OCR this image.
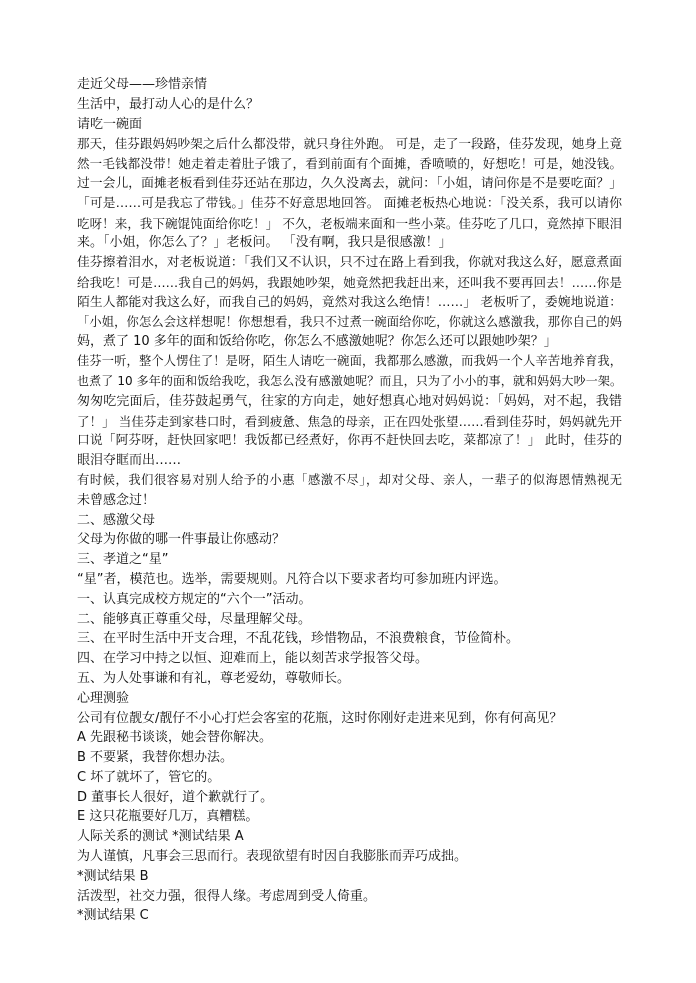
走近父母——珍惜亲情
生活中，最打动人心的是什么？
请吃一碗面
那天，佳芬跟妈妈吵架之后什么都没带，就只身往外跑。 可是，走了一段路，佳芬发现，她身上竟
然一毛钱都没带！她走着走着肚子饿了，看到前面有个面摊，香喷喷的，好想吃！可是，她没钱。
过一会儿，面摊老板看到佳芬还站在那边，久久没离去，就问：「小姐，请问你是不是要吃面？」
「可是……可是我忘了带钱。」佳芬不好意思地回答。 面摊老板热心地说：「没关系，我可以请你
吃呀！来，我下碗馄饨面给你吃！」 不久，老板端来面和一些小菜。佳芬吃了几口，竟然掉下眼泪
来。「小姐，你怎么了？」老板问。 「没有啊，我只是很感激！」
佳芬擦着泪水，对老板说道：「我们又不认识，只不过在路上看到我，你就对我这么好，愿意煮面
给我吃！可是……我自己的妈妈，我跟她吵架，她竟然把我赶出来，还叫我不要再回去！……你是
陌生人都能对我这么好，而我自己的妈妈，竟然对我这么绝情！……」 老板听了，委婉地说道：
「小姐，你怎么会这样想呢！你想想看，我只不过煮一碗面给你吃，你就这么感激我，那你自己的妈
妈，煮了 10 多年的面和饭给你吃，你怎么不感激她呢？你怎么还可以跟她吵架？」
佳芬一听，整个人愣住了！是呀，陌生人请吃一碗面，我都那么感激，而我妈一个人辛苦地养育我，
也煮了 10 多年的面和饭给我吃，我怎么没有感激她呢？而且，只为了小小的事，就和妈妈大吵一架。
匆匆吃完面后，佳芬鼓起勇气，往家的方向走，她好想真心地对妈妈说：「妈妈，对不起，我错
了！」 当佳芬走到家巷口时，看到疲惫、焦急的母亲，正在四处张望……看到佳芬时，妈妈就先开
口说「阿芬呀，赶快回家吧！我饭都已经煮好，你再不赶快回去吃，菜都凉了！」 此时，佳芬的
眼泪夺眶而出……
有时候，我们很容易对别人给予的小惠「感激不尽」，却对父母、亲人，一辈子的似海恩情熟视无
未曾感念过！
二、感激父母
父母为你做的哪一件事最让你感动？
三、孝道之“星”
“星”者，模范也。选举，需要规则。凡符合以下要求者均可参加班内评选。
一、认真完成校方规定的“六个一”活动。
二、能够真正尊重父母，尽量理解父母。
三、在平时生活中开支合理，不乱花钱，珍惜物品，不浪费粮食，节俭简朴。
四、在学习中持之以恒、迎难而上，能以刻苦求学报答父母。
五、为人处事谦和有礼，尊老爱幼，尊敬师长。
心理测验
公司有位靓女/靓仔不小心打烂会客室的花瓶，这时你刚好走进来见到，你有何高见？
A 先跟秘书谈谈，她会替你解决。
B 不要紧，我替你想办法。
C 坏了就坏了，管它的。
D 董事长人很好，道个歉就行了。
E 这只花瓶要好几万，真糟糕。
人际关系的测试 *测试结果 A
为人谨慎，凡事会三思而行。表现欲望有时因自我膨胀而弄巧成拙。
*测试结果 B
活泼型，社交力强，很得人缘。考虑周到受人倚重。
*测试结果 C
